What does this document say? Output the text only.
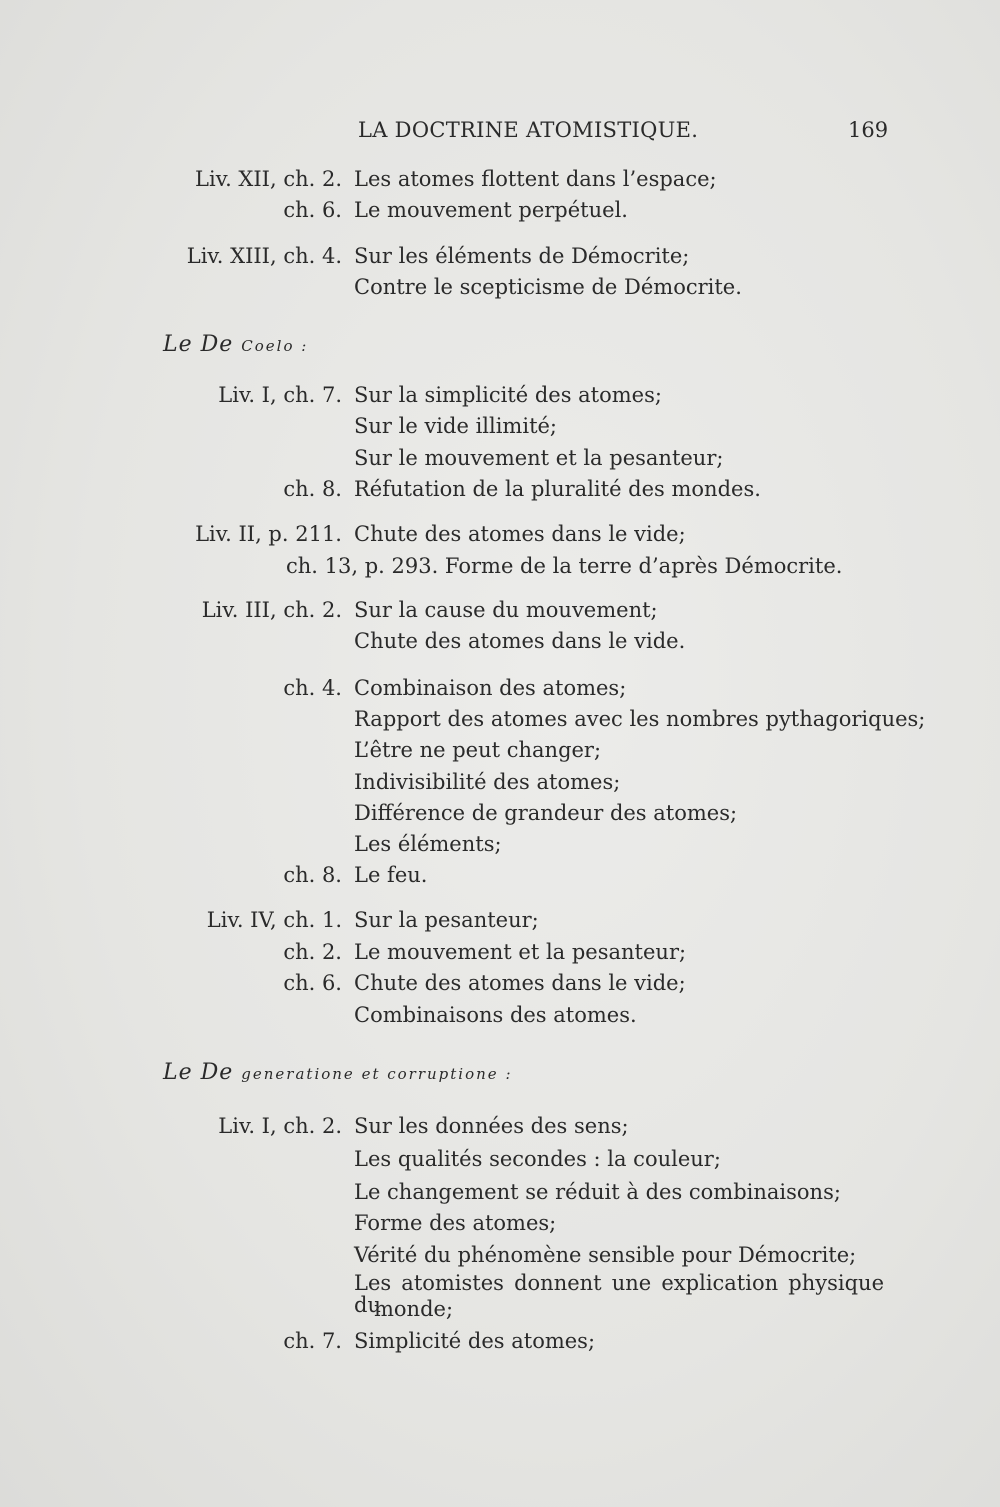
LA DOCTRINE ATOMISTIQUE.	169
Liv. XII, ch. 2. Les atomes flottent dans l’espace;
ch. 6. Le mouvement perpétuel.
Liv. XIII, ch. 4. Sur les éléments de Démocrite;
Contre le scepticisme de Démocrite.
Le De Coelo :
Liv. I, ch. 7. Sur la simplicité des atomes;
Sur le vide illimité;
Sur le mouvement et la pesanteur;
ch. 8. Réfutation de la pluralité des mondes.
Liv. II, p. 211. Chute des atomes dans le vide;
ch. 13, p. 293. Forme de la terre d’après Démocrite.
Liv. III, ch. 2. Sur la cause du mouvement;
Chute des atomes dans le vide.
ch. 4. Combinaison des atomes;
Rapport des atomes avec les nombres pythagoriques;
L’être ne peut changer;
Indivisibilité des atomes;
Différence de grandeur des atomes;
Les éléments;
ch. 8. Le feu.
Liv. IV, ch. 1. Sur la pesanteur;
ch. 2. Le mouvement et la pesanteur;
ch. 6. Chute des atomes dans le vide;
Combinaisons des atomes.
Le De generatione et corruptione :
Liv. I, ch. 2. Sur les données des sens;
Les qualités secondes : la couleur;
Le changement se réduit à des combinaisons;
Forme des atomes;
Vérité du phénomène sensible pour Démocrite;
Les atomistes donnent une explication physique du
monde;
ch. 7. Simplicité des atomes;
